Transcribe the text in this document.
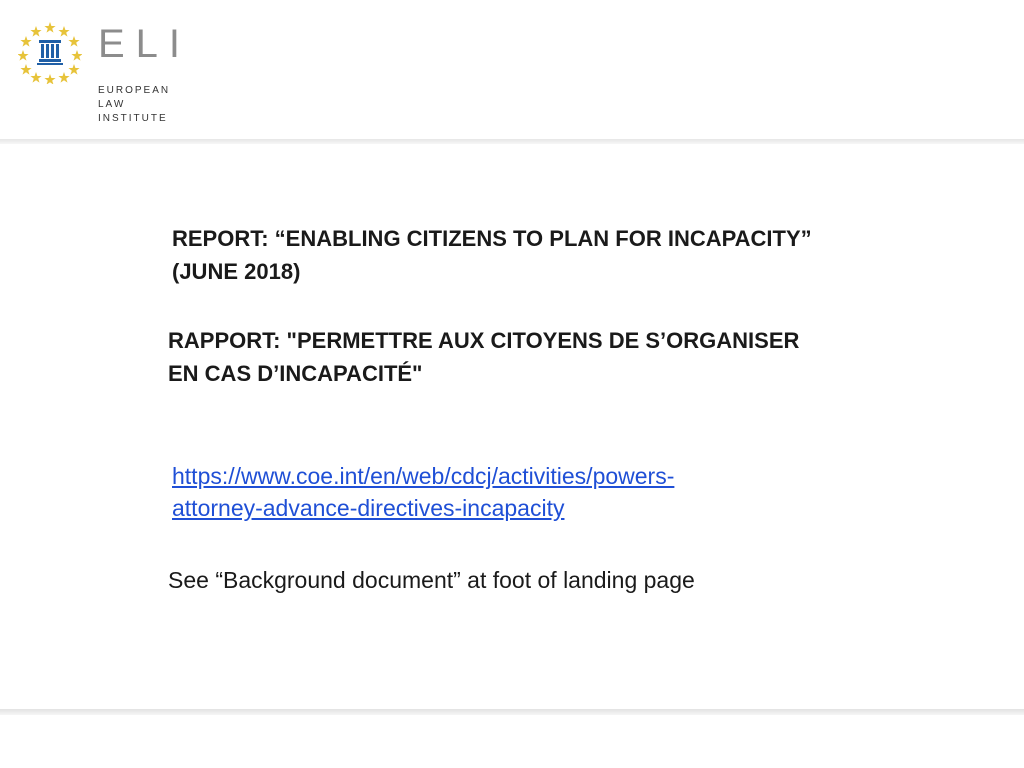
ELI
EUROPEAN
LAW
INSTITUTE
REPORT: “ENABLING CITIZENS TO PLAN FOR INCAPACITY”
(JUNE 2018)
RAPPORT: "PERMETTRE AUX CITOYENS DE S’ORGANISER
EN CAS D’INCAPACITÉ"
https://www.coe.int/en/web/cdcj/activities/powers-
attorney-advance-directives-incapacity
See “Background document” at foot of landing page
